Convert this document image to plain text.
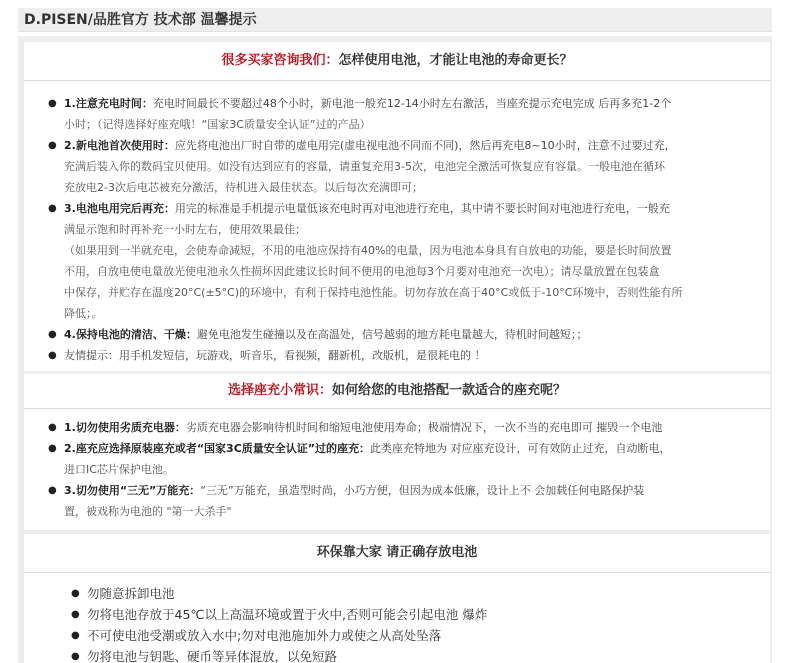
D.PISEN/品胜官方 技术部 温馨提示
很多买家咨询我们：怎样使用电池，才能让电池的寿命更长？
● 1.注意充电时间：充电时间最长不要超过48个小时，新电池一般充12-14小时左右激活，当座充提示充电完成 后再多充1-2个
小时；（记得选择好座充哦！“国家3C质量安全认证”过的产品）
● 2.新电池首次使用时：应先将电池出厂时自带的虚电用完(虚电视电池不同而不同)，然后再充电8~10小时，注意不过要过充，
充满后装入你的数码宝贝使用。如没有达到应有的容量，请重复充用3-5次，电池完全激活可恢复应有容量。一般电池在循环
充放电2-3次后电芯被充分激活，待机进入最佳状态。以后每次充满即可；
● 3.电池电用完后再充：用完的标准是手机提示电量低该充电时再对电池进行充电，其中请不要长时间对电池进行充电，一般充
满显示饱和时再补充一小时左右，使用效果最佳；
（如果用到一半就充电，会使寿命减短，不用的电池应保持有40%的电量，因为电池本身具有自放电的功能，要是长时间放置
不用，自放电使电量放光使电池永久性损坏因此建议长时间不使用的电池每3个月要对电池充一次电）；请尽量放置在包装盒
中保存，并贮存在温度20°C(±5°C)的环境中，有利于保持电池性能。切勿存放在高于40°C或低于-10°C环境中，否则性能有所
降低；。
● 4.保持电池的清洁、干燥：避免电池发生碰撞以及在高温处，信号越弱的地方耗电量越大，待机时间越短；；
● 友情提示：用手机发短信，玩游戏，听音乐，看视频，翻新机，改版机，是很耗电的 ！
选择座充小常识：如何给您的电池搭配一款适合的座充呢？
● 1.切勿使用劣质充电器：劣质充电器会影响待机时间和缩短电池使用寿命；极端情况下，一次不当的充电即可 摧毁一个电池
● 2.座充应选择原装座充或者“国家3C质量安全认证”过的座充：此类座充特地为 对应座充设计，可有效防止过充，自动断电，
进口IC芯片保护电池。
● 3.切勿使用“三无”万能充：“三无”万能充，虽造型时尚，小巧方便，但因为成本低廉，设计上不 会加载任何电路保护装
置，被戏称为电池的 "第一大杀手"
环保靠大家 请正确存放电池
● 勿随意拆卸电池
● 勿将电池存放于45℃以上高温环境或置于火中,否则可能会引起电池 爆炸
● 不可使电池受潮或放入水中;勿对电池施加外力或使之从高处坠落
● 勿将电池与钥匙、硬币等异体混放，以免短路
